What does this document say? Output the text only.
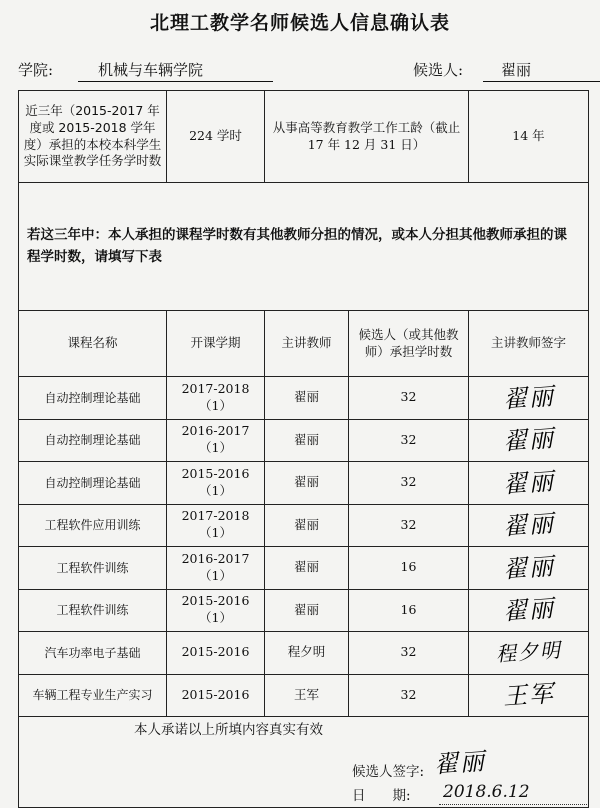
北理工教学名师候选人信息确认表
学院:	机械与车辆学院	候选人:	翟丽
近三年（2015-2017 年度或 2015-2018 学年度）承担的本校本科学生实际课堂教学任务学时数	224 学时	从事高等教育教学工作工龄（截止 17 年 12 月 31 日）		14 年
若这三年中：本人承担的课程学时数有其他教师分担的情况，或本人分担其他教师承担的课程学时数，请填写下表				
课程名称	开课学期	主讲教师	候选人（或其他教师）承担学时数	主讲教师签字
自动控制理论基础	2017-2018（1）	翟丽	32	翟丽
自动控制理论基础	2016-2017（1）	翟丽	32	翟丽
自动控制理论基础	2015-2016（1）	翟丽	32	翟丽
工程软件应用训练	2017-2018（1）	翟丽	32	翟丽
工程软件训练	2016-2017（1）	翟丽	16	翟丽
工程软件训练	2015-2016（1）	翟丽	16	翟丽
汽车功率电子基础	2015-2016	程夕明	32	程夕明
车辆工程专业生产实习	2015-2016	王军	32	王军

本人承诺以上所填内容真实有效
候选人签字: 翟丽
日　　期: 2018.6.12				
